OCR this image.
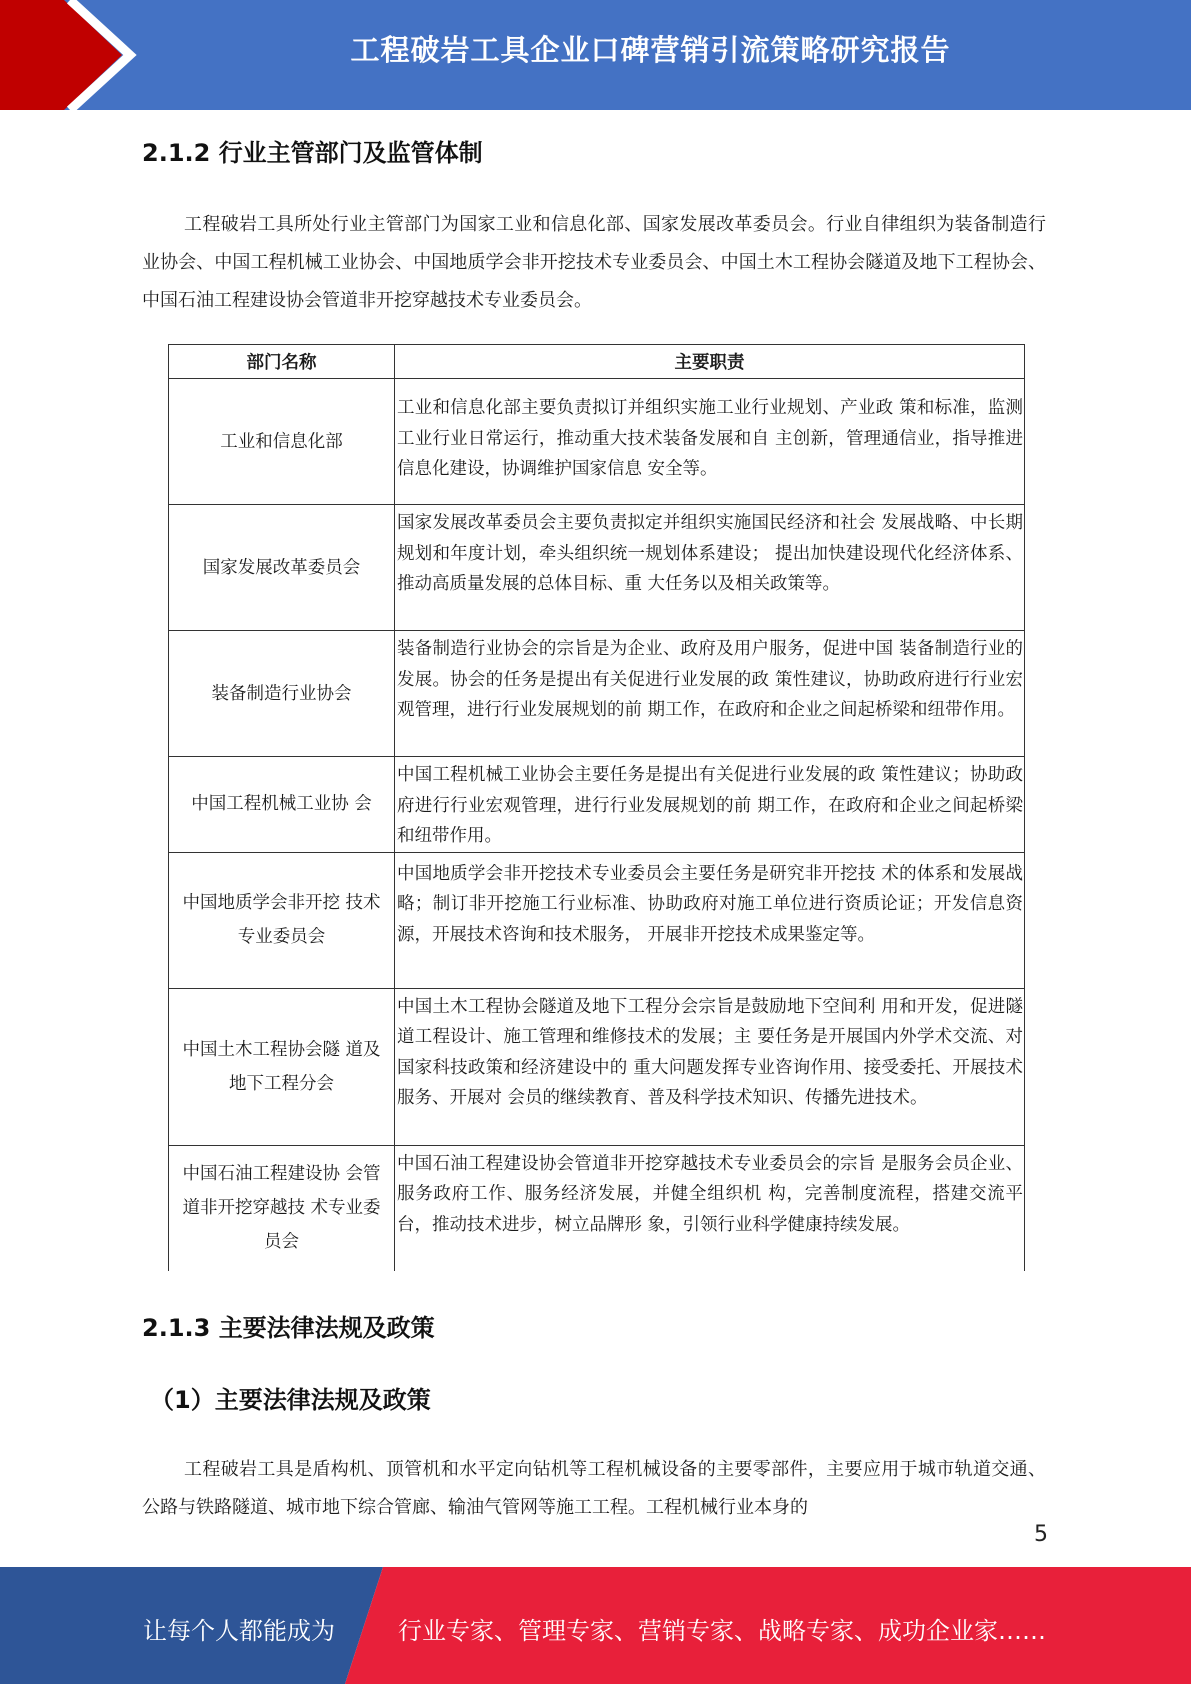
工程破岩工具企业口碑营销引流策略研究报告
2.1.2 行业主管部门及监管体制

工程破岩工具所处行业主管部门为国家工业和信息化部、国家发展改革委员会。行业自律组织为装备制造行业协会、中国工程机械工业协会、中国地质学会非开挖技术专业委员会、中国土木工程协会隧道及地下工程协会、中国石油工程建设协会管道非开挖穿越技术专业委员会。

部门名称	主要职责
工业和信息化部	工业和信息化部主要负责拟订并组织实施工业行业规划、产业政 策和标准，监测工业行业日常运行，推动重大技术装备发展和自 主创新，管理通信业，指导推进信息化建设，协调维护国家信息 安全等。
国家发展改革委员会	国家发展改革委员会主要负责拟定并组织实施国民经济和社会 发展战略、中长期规划和年度计划，牵头组织统一规划体系建设； 提出加快建设现代化经济体系、推动高质量发展的总体目标、重 大任务以及相关政策等。
装备制造行业协会	装备制造行业协会的宗旨是为企业、政府及用户服务，促进中国 装备制造行业的发展。协会的任务是提出有关促进行业发展的政 策性建议，协助政府进行行业宏观管理，进行行业发展规划的前 期工作，在政府和企业之间起桥梁和纽带作用。
中国工程机械工业协 会	中国工程机械工业协会主要任务是提出有关促进行业发展的政 策性建议；协助政府进行行业宏观管理，进行行业发展规划的前 期工作，在政府和企业之间起桥梁和纽带作用。
中国地质学会非开挖 技术专业委员会	中国地质学会非开挖技术专业委员会主要任务是研究非开挖技 术的体系和发展战略；制订非开挖施工行业标准、协助政府对施工单位进行资质论证；开发信息资源，开展技术咨询和技术服务， 开展非开挖技术成果鉴定等。
中国土木工程协会隧 道及地下工程分会	中国土木工程协会隧道及地下工程分会宗旨是鼓励地下空间利 用和开发，促进隧道工程设计、施工管理和维修技术的发展；主 要任务是开展国内外学术交流、对国家科技政策和经济建设中的 重大问题发挥专业咨询作用、接受委托、开展技术服务、开展对 会员的继续教育、普及科学技术知识、传播先进技术。
中国石油工程建设协 会管道非开挖穿越技 术专业委员会	中国石油工程建设协会管道非开挖穿越技术专业委员会的宗旨 是服务会员企业、服务政府工作、服务经济发展，并健全组织机 构，完善制度流程，搭建交流平台，推动技术进步，树立品牌形 象，引领行业科学健康持续发展。
2.1.3 主要法律法规及政策
（1）主要法律法规及政策

工程破岩工具是盾构机、顶管机和水平定向钻机等工程机械设备的主要零部件，主要应用于城市轨道交通、公路与铁路隧道、城市地下综合管廊、输油气管网等施工工程。工程机械行业本身的

5
让每个人都能成为	行业专家、管理专家、营销专家、战略专家、成功企业家……
